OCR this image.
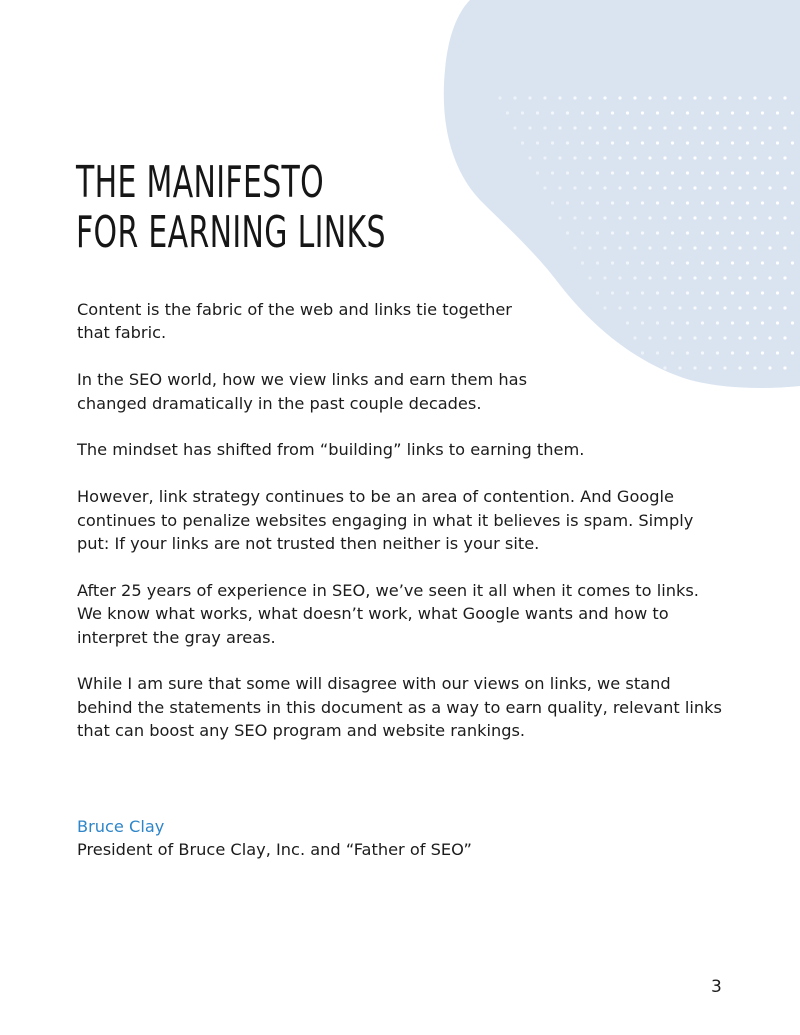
THE MANIFESTO
FOR EARNING LINKS

Content is the fabric of the web and links tie together
that fabric.

In the SEO world, how we view links and earn them has
changed dramatically in the past couple decades.

The mindset has shifted from “building” links to earning them.

However, link strategy continues to be an area of contention. And Google
continues to penalize websites engaging in what it believes is spam. Simply
put: If your links are not trusted then neither is your site.

After 25 years of experience in SEO, we’ve seen it all when it comes to links.
We know what works, what doesn’t work, what Google wants and how to
interpret the gray areas.

While I am sure that some will disagree with our views on links, we stand
behind the statements in this document as a way to earn quality, relevant links
that can boost any SEO program and website rankings.

Bruce Clay
President of Bruce Clay, Inc. and “Father of SEO”
3
